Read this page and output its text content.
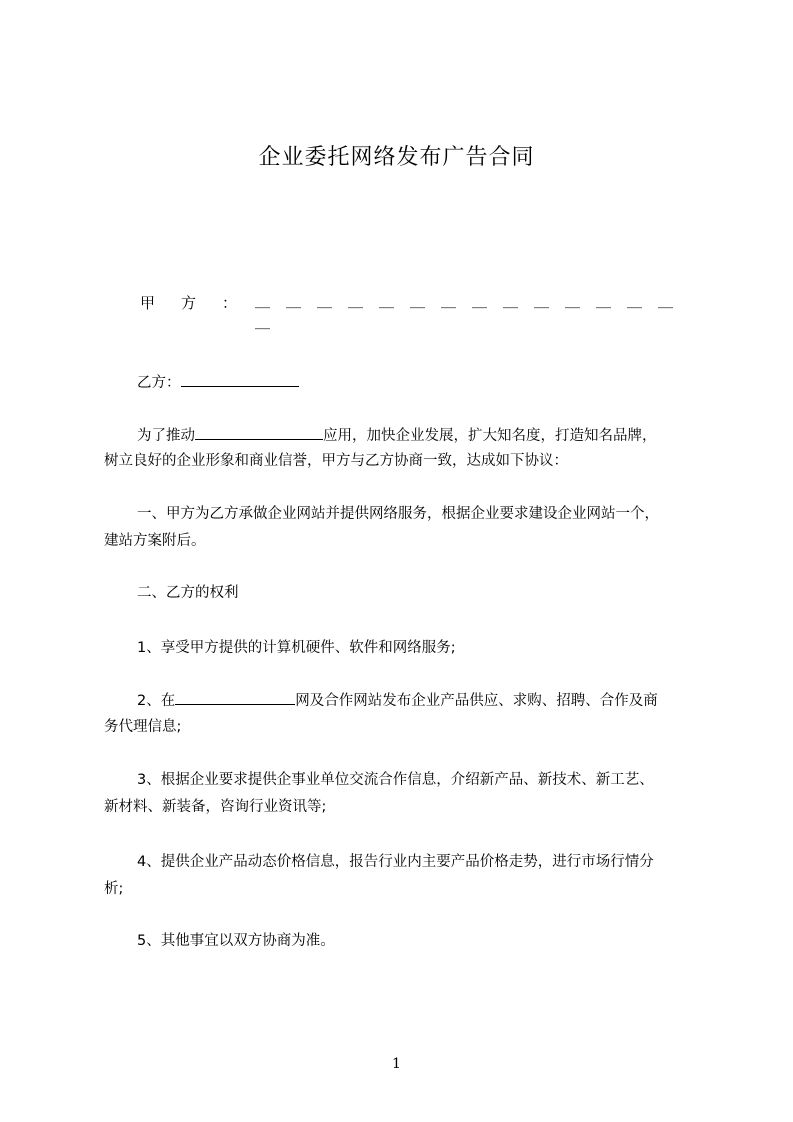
企业委托网络发布广告合同
甲方：
＿＿＿＿＿＿＿＿＿＿＿＿＿＿＿
乙方：
为了推动	应用，加快企业发展，扩大知名度，打造知名品牌，
树立良好的企业形象和商业信誉，甲方与乙方协商一致，达成如下协议：
一、甲方为乙方承做企业网站并提供网络服务，根据企业要求建设企业网站一个，
建站方案附后。
二、乙方的权利
1、享受甲方提供的计算机硬件、软件和网络服务;
2、在	网及合作网站发布企业产品供应、求购、招聘、合作及商
务代理信息;
3、根据企业要求提供企事业单位交流合作信息，介绍新产品、新技术、新工艺、
新材料、新装备，咨询行业资讯等;
4、提供企业产品动态价格信息，报告行业内主要产品价格走势，进行市场行情分
析;
5、其他事宜以双方协商为准。
1
